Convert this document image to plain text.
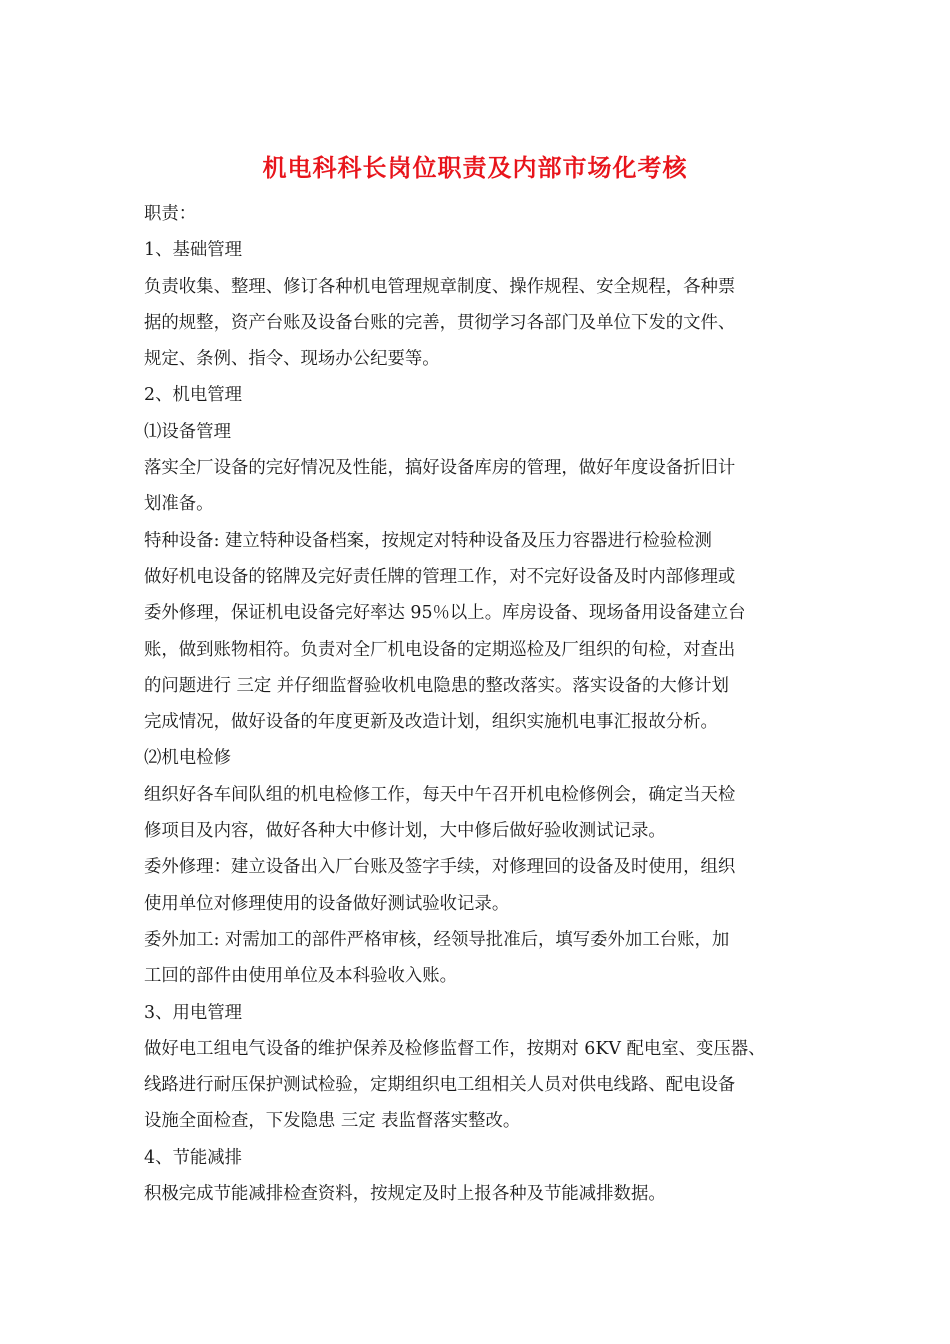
机电科科长岗位职责及内部市场化考核
职责：
1、基础管理
负责收集、整理、修订各种机电管理规章制度、操作规程、安全规程，各种票
据的规整，资产台账及设备台账的完善，贯彻学习各部门及单位下发的文件、
规定、条例、指令、现场办公纪要等。
2、机电管理
⑴设备管理
落实全厂设备的完好情况及性能，搞好设备库房的管理，做好年度设备折旧计
划准备。
特种设备: 建立特种设备档案，按规定对特种设备及压力容器进行检验检测
做好机电设备的铭牌及完好责任牌的管理工作，对不完好设备及时内部修理或
委外修理，保证机电设备完好率达 95％以上。库房设备、现场备用设备建立台
账，做到账物相符。负责对全厂机电设备的定期巡检及厂组织的旬检，对查出
的问题进行 三定 并仔细监督验收机电隐患的整改落实。落实设备的大修计划
完成情况，做好设备的年度更新及改造计划，组织实施机电事汇报故分析。
⑵机电检修
组织好各车间队组的机电检修工作，每天中午召开机电检修例会，确定当天检
修项目及内容，做好各种大中修计划，大中修后做好验收测试记录。
委外修理：建立设备出入厂台账及签字手续，对修理回的设备及时使用，组织
使用单位对修理使用的设备做好测试验收记录。
委外加工: 对需加工的部件严格审核，经领导批准后，填写委外加工台账，加
工回的部件由使用单位及本科验收入账。
3、用电管理
做好电工组电气设备的维护保养及检修监督工作，按期对 6KV 配电室、变压器、
线路进行耐压保护测试检验，定期组织电工组相关人员对供电线路、配电设备
设施全面检查，下发隐患 三定 表监督落实整改。
4、节能减排
积极完成节能减排检查资料，按规定及时上报各种及节能减排数据。
